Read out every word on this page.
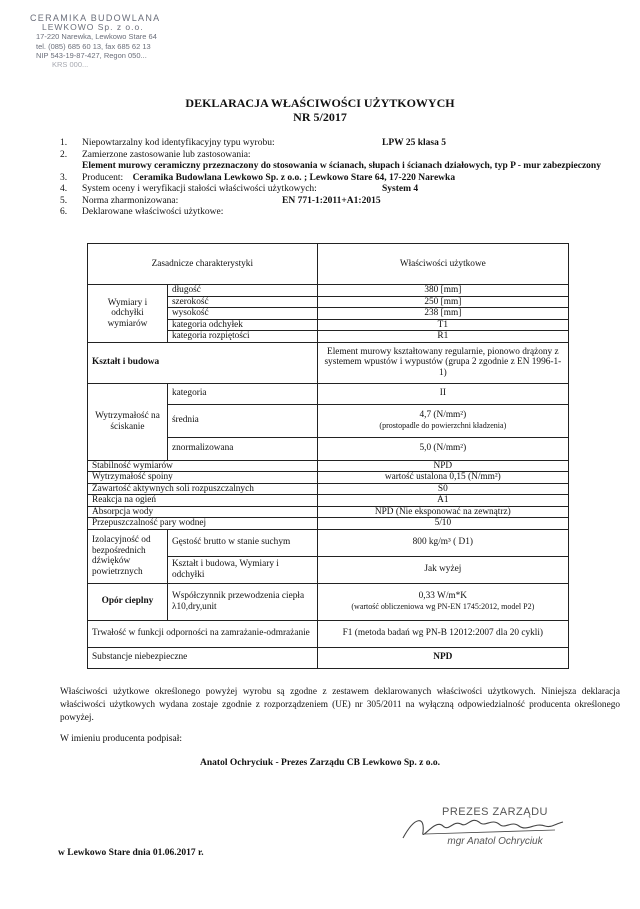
CERAMIKA BUDOWLANA
LEWKOWO Sp. z o.o.
17-220 Narewka, Lewkowo Stare 64
tel. (085) 685 60 13, fax 685 62 13
NIP 543-19-87-427, Regon 050...
KRS 000...
DEKLARACJA WŁAŚCIWOŚCI UŻYTKOWYCH
NR 5/2017
1. Niepowtarzalny kod identyfikacyjny typu wyrobu:	LPW 25 klasa 5
2. Zamierzone zastosowanie lub zastosowania:
Element murowy ceramiczny przeznaczony do stosowania w ścianach, słupach i ścianach działowych, typ P - mur zabezpieczony
3. Producent: Ceramika Budowlana Lewkowo Sp. z o.o. ; Lewkowo Stare 64, 17-220 Narewka
4. System oceny i weryfikacji stałości właściwości użytkowych:	System 4
5. Norma zharmonizowana:	EN 771-1:2011+A1:2015
6. Deklarowane właściwości użytkowe:
Zasadnicze charakterystyki		Właściwości użytkowe
Wymiary i odchyłki wymiarów	długość	380 [mm]
	szerokość	250 [mm]
	wysokość	238 [mm]
	kategoria odchyłek	T1
	kategoria rozpiętości	R1
Kształt i budowa		Element murowy kształtowany regularnie, pionowo drążony z systemem wpustów i wypustów (grupa 2 zgodnie z EN 1996-1-1)
Wytrzymałość na ściskanie	kategoria	II
	średnia	4,7 (N/mm²)
(prostopadle do powierzchni kładzenia)

	znormalizowana	5,0 (N/mm²)
Stabilność wymiarów		NPD
Wytrzymałość spoiny		wartość ustalona 0,15 (N/mm²)
Zawartość aktywnych soli rozpuszczalnych		S0
Reakcja na ogień		A1
Absorpcja wody		NPD (Nie eksponować na zewnątrz)
Przepuszczalność pary wodnej		5/10
Izolacyjność od bezpośrednich dźwięków powietrznych	Gęstość brutto w stanie suchym	800 kg/m³ ( D1)
	Kształt i budowa, Wymiary i odchyłki	Jak wyżej
Opór cieplny	Współczynnik przewodzenia ciepła λ10,dry,unit	0,33 W/m*K
(wartość obliczeniowa wg PN-EN 1745:2012, model P2)

Trwałość w funkcji odporności na zamrażanie-odmrażanie		F1 (metoda badań wg PN-B 12012:2007 dla 20 cykli)
Substancje niebezpieczne		NPD
Właściwości użytkowe określonego powyżej wyrobu są zgodne z zestawem deklarowanych właściwości użytkowych. Niniejsza deklaracja właściwości użytkowych wydana zostaje zgodnie z rozporządzeniem (UE) nr 305/2011 na wyłączną odpowiedzialność producenta określonego powyżej.
W imieniu producenta podpisał:
Anatol Ochryciuk - Prezes Zarządu CB Lewkowo Sp. z o.o.
PREZES ZARZĄDU
mgr Anatol Ochryciuk
w Lewkowo Stare dnia 01.06.2017 r.
